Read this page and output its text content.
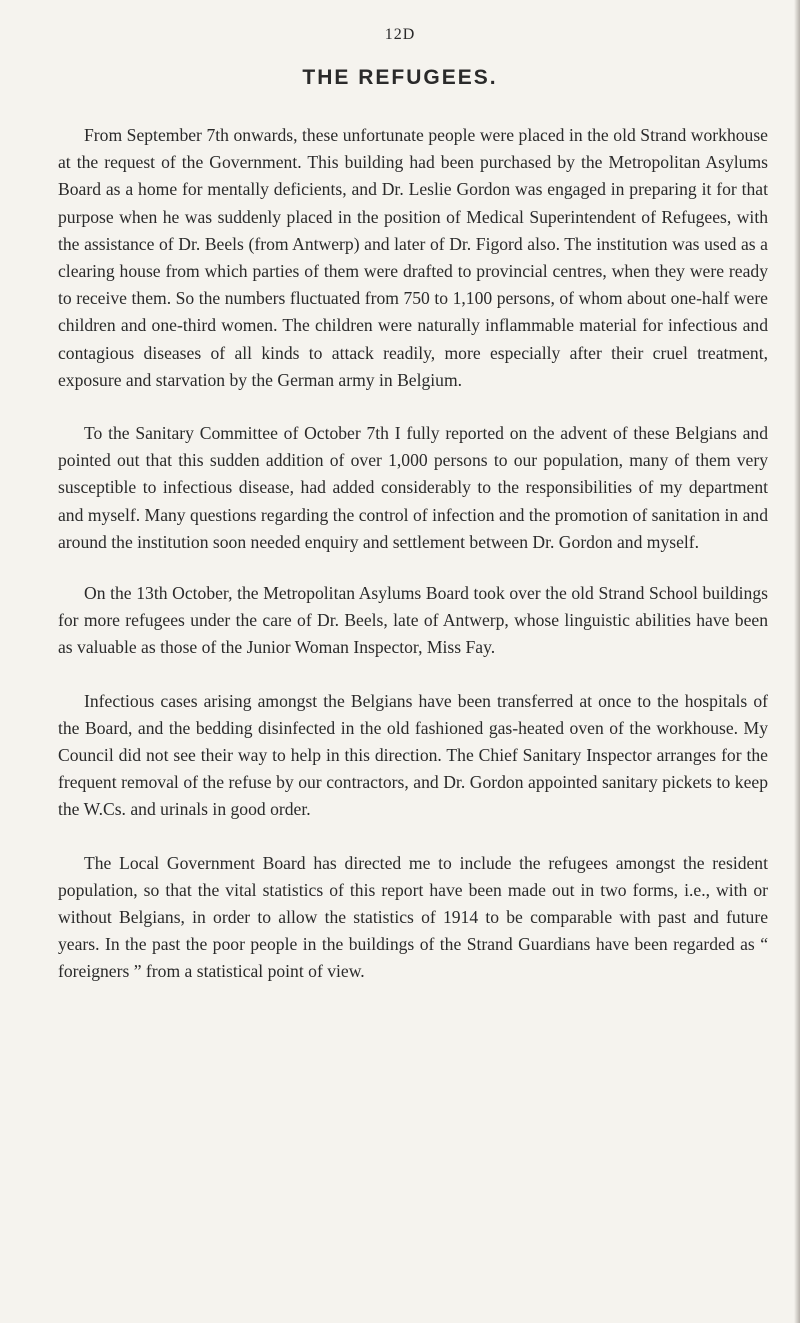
12D
THE REFUGEES.

From September 7th onwards, these unfortunate people were placed in the old Strand workhouse at the request of the Government. This building had been purchased by the Metropolitan Asylums Board as a home for mentally deficients, and Dr. Leslie Gordon was engaged in preparing it for that purpose when he was suddenly placed in the position of Medical Superintendent of Refugees, with the assistance of Dr. Beels (from Antwerp) and later of Dr. Figord also. The institution was used as a clearing house from which parties of them were drafted to provincial centres, when they were ready to receive them. So the numbers fluctuated from 750 to 1,100 persons, of whom about one-half were children and one-third women. The children were naturally inflammable material for infectious and contagious diseases of all kinds to attack readily, more especially after their cruel treatment, exposure and starvation by the German army in Belgium.

To the Sanitary Committee of October 7th I fully reported on the advent of these Belgians and pointed out that this sudden addition of over 1,000 persons to our population, many of them very susceptible to infectious disease, had added considerably to the responsibilities of my department and myself. Many questions regarding the control of infection and the promotion of sanitation in and around the institution soon needed enquiry and settlement between Dr. Gordon and myself.

On the 13th October, the Metropolitan Asylums Board took over the old Strand School buildings for more refugees under the care of Dr. Beels, late of Antwerp, whose linguistic abilities have been as valuable as those of the Junior Woman Inspector, Miss Fay.

Infectious cases arising amongst the Belgians have been transferred at once to the hospitals of the Board, and the bedding disinfected in the old fashioned gas-heated oven of the workhouse. My Council did not see their way to help in this direction. The Chief Sanitary Inspector arranges for the frequent removal of the refuse by our contractors, and Dr. Gordon appointed sanitary pickets to keep the W.Cs. and urinals in good order.

The Local Government Board has directed me to include the refugees amongst the resident population, so that the vital statistics of this report have been made out in two forms, i.e., with or without Belgians, in order to allow the statistics of 1914 to be comparable with past and future years. In the past the poor people in the buildings of the Strand Guardians have been regarded as “ foreigners ” from a statistical point of view.
